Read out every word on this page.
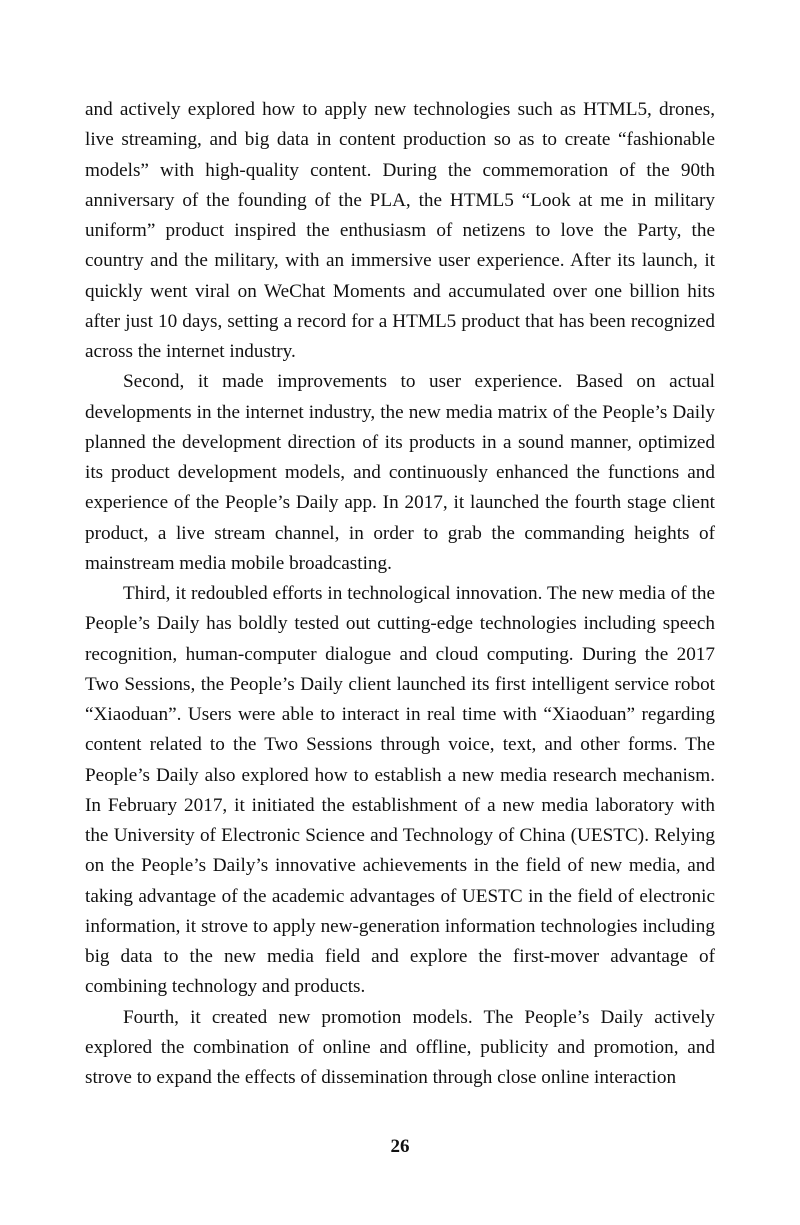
and actively explored how to apply new technologies such as HTML5, drones, live streaming, and big data in content production so as to create “fashionable models” with high-quality content. During the commemoration of the 90th anniversary of the founding of the PLA, the HTML5 “Look at me in military uniform” product inspired the enthusiasm of netizens to love the Party, the country and the military, with an immersive user experience. After its launch, it quickly went viral on WeChat Moments and accumulated over one billion hits after just 10 days, setting a record for a HTML5 product that has been recognized across the internet industry.

Second, it made improvements to user experience. Based on actual developments in the internet industry, the new media matrix of the People’s Daily planned the development direction of its products in a sound manner, optimized its product development models, and continuously enhanced the functions and experience of the People’s Daily app. In 2017, it launched the fourth stage client product, a live stream channel, in order to grab the commanding heights of mainstream media mobile broadcasting.

Third, it redoubled efforts in technological innovation. The new media of the People’s Daily has boldly tested out cutting-edge technologies including speech recognition, human-computer dialogue and cloud computing. During the 2017 Two Sessions, the People’s Daily client launched its first intelligent service robot “Xiaoduan”. Users were able to interact in real time with “Xiaoduan” regarding content related to the Two Sessions through voice, text, and other forms. The People’s Daily also explored how to establish a new media research mechanism. In February 2017, it initiated the establishment of a new media laboratory with the University of Electronic Science and Technology of China (UESTC). Relying on the People’s Daily’s innovative achievements in the field of new media, and taking advantage of the academic advantages of UESTC in the field of electronic information, it strove to apply new-generation information technologies including big data to the new media field and explore the first-mover advantage of combining technology and products.

Fourth, it created new promotion models. The People’s Daily actively explored the combination of online and offline, publicity and promotion, and strove to expand the effects of dissemination through close online interaction

26
